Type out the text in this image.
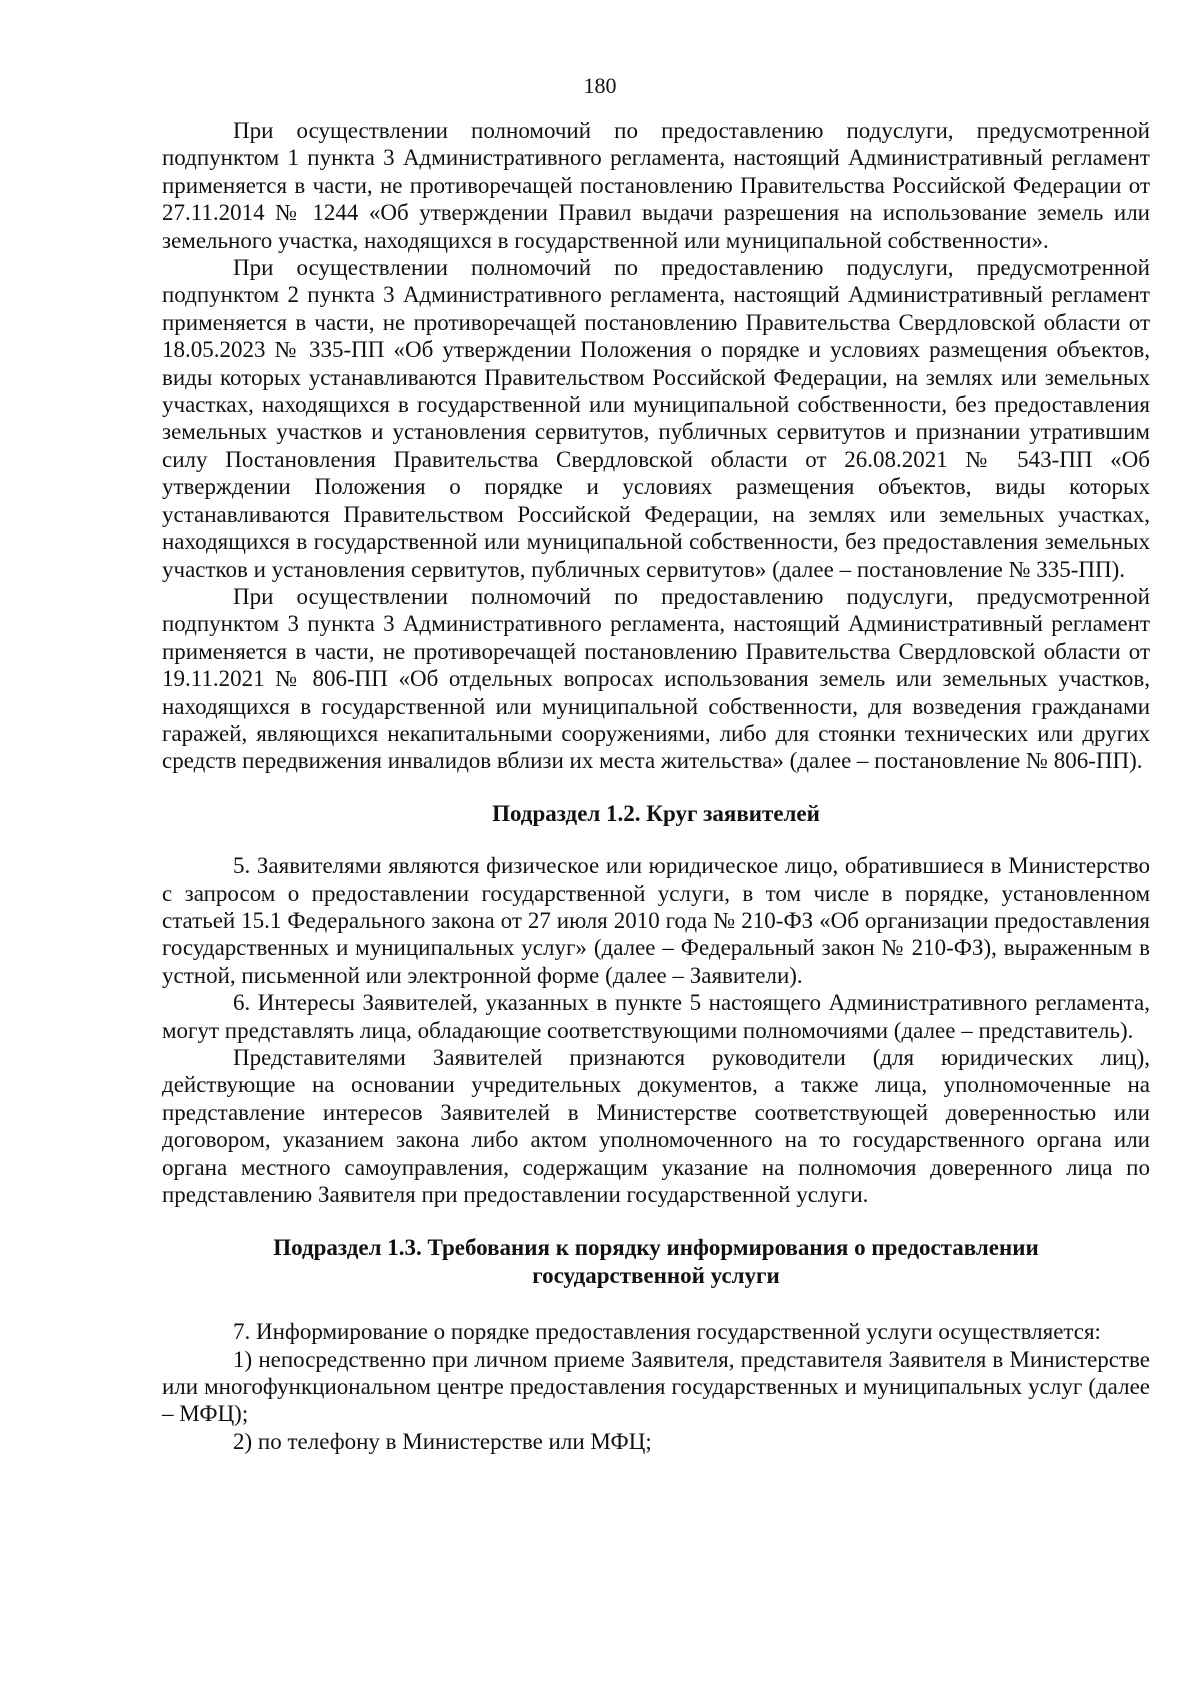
180

При осуществлении полномочий по предоставлению подуслуги, предусмотренной подпунктом 1 пункта 3 Административного регламента, настоящий Административный регламент применяется в части, не противоречащей постановлению Правительства Российской Федерации от 27.11.2014 № 1244 «Об утверждении Правил выдачи разрешения на использование земель или земельного участка, находящихся в государственной или муниципальной собственности».

При осуществлении полномочий по предоставлению подуслуги, предусмотренной подпунктом 2 пункта 3 Административного регламента, настоящий Административный регламент применяется в части, не противоречащей постановлению Правительства Свердловской области от 18.05.2023 № 335-ПП «Об утверждении Положения о порядке и условиях размещения объектов, виды которых устанавливаются Правительством Российской Федерации, на землях или земельных участках, находящихся в государственной или муниципальной собственности, без предоставления земельных участков и установления сервитутов, публичных сервитутов и признании утратившим силу Постановления Правительства Свердловской области от 26.08.2021 № 543-ПП «Об утверждении Положения о порядке и условиях размещения объектов, виды которых устанавливаются Правительством Российской Федерации, на землях или земельных участках, находящихся в государственной или муниципальной собственности, без предоставления земельных участков и установления сервитутов, публичных сервитутов» (далее – постановление № 335-ПП).

При осуществлении полномочий по предоставлению подуслуги, предусмотренной подпунктом 3 пункта 3 Административного регламента, настоящий Административный регламент применяется в части, не противоречащей постановлению Правительства Свердловской области от 19.11.2021 № 806-ПП «Об отдельных вопросах использования земель или земельных участков, находящихся в государственной или муниципальной собственности, для возведения гражданами гаражей, являющихся некапитальными сооружениями, либо для стоянки технических или других средств передвижения инвалидов вблизи их места жительства» (далее – постановление № 806-ПП).

Подраздел 1.2. Круг заявителей

5. Заявителями являются физическое или юридическое лицо, обратившиеся в Министерство с запросом о предоставлении государственной услуги, в том числе в порядке, установленном статьей 15.1 Федерального закона от 27 июля 2010 года № 210-ФЗ «Об организации предоставления государственных и муниципальных услуг» (далее – Федеральный закон № 210-ФЗ), выраженным в устной, письменной или электронной форме (далее – Заявители).

6. Интересы Заявителей, указанных в пункте 5 настоящего Административного регламента, могут представлять лица, обладающие соответствующими полномочиями (далее – представитель).

Представителями Заявителей признаются руководители (для юридических лиц), действующие на основании учредительных документов, а также лица, уполномоченные на представление интересов Заявителей в Министерстве соответствующей доверенностью или договором, указанием закона либо актом уполномоченного на то государственного органа или органа местного самоуправления, содержащим указание на полномочия доверенного лица по представлению Заявителя при предоставлении государственной услуги.

Подраздел 1.3. Требования к порядку информирования о предоставлении
государственной услуги

7. Информирование о порядке предоставления государственной услуги осуществляется:

1) непосредственно при личном приеме Заявителя, представителя Заявителя в Министерстве или многофункциональном центре предоставления государственных и муниципальных услуг (далее – МФЦ);

2) по телефону в Министерстве или МФЦ;
